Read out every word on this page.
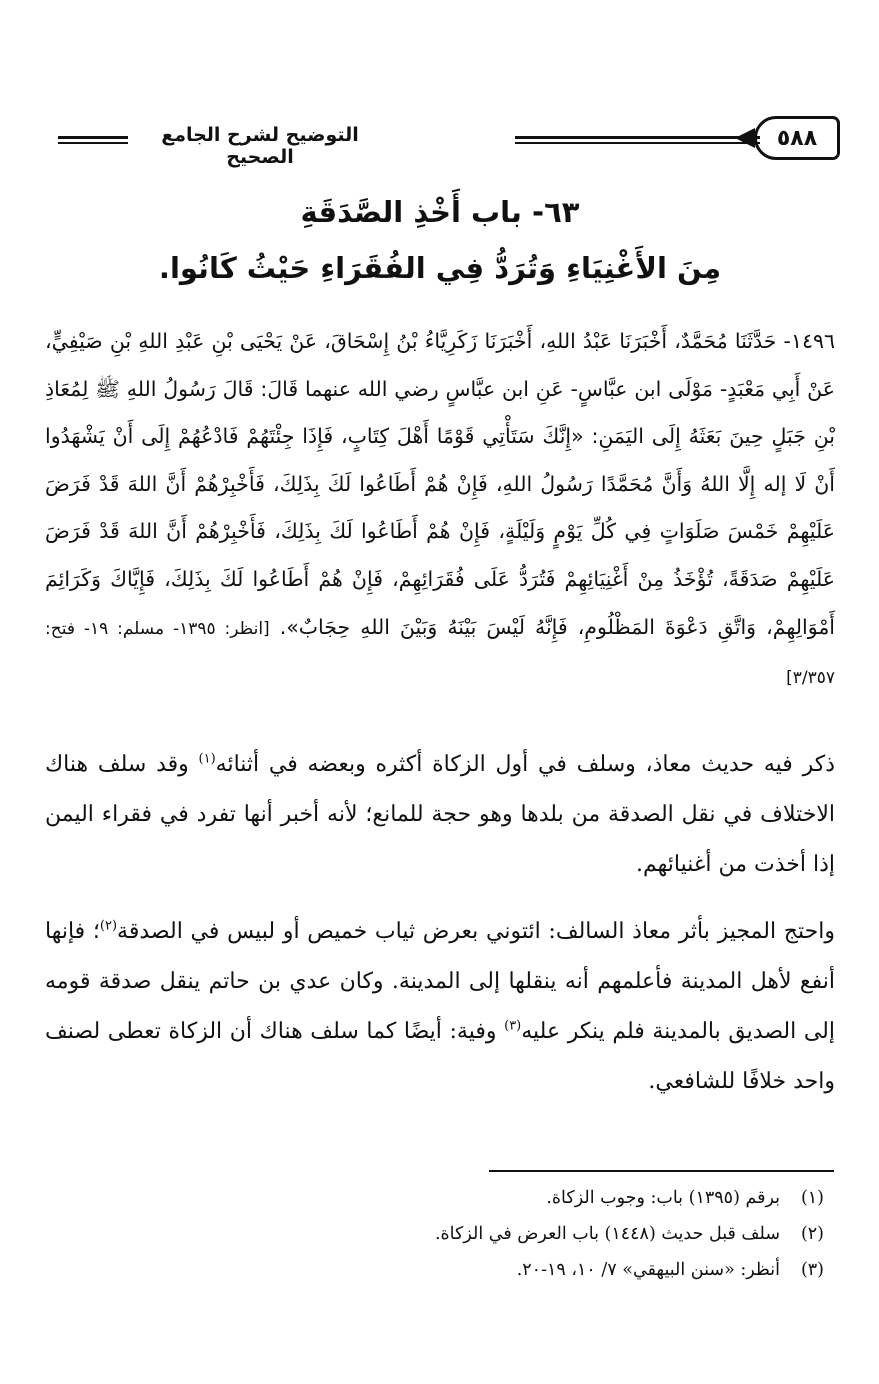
٥٨٨
التوضيح لشرح الجامع الصحيح
٦٣- باب أَخْذِ الصَّدَقَةِ
مِنَ الأَغْنِيَاءِ وَتُرَدُّ فِي الفُقَرَاءِ حَيْثُ كَانُوا.
١٤٩٦- حَدَّثَنَا مُحَمَّدٌ، أَخْبَرَنَا عَبْدُ اللهِ، أَخْبَرَنَا زَكَرِيَّاءُ بْنُ إِسْحَاقَ، عَنْ يَحْيَى بْنِ عَبْدِ اللهِ بْنِ صَيْفِيٍّ، عَنْ أَبِي مَعْبَدٍ- مَوْلَى ابن عبَّاسٍ- عَنِ ابن عبَّاسٍ رضي الله عنهما قَالَ: قَالَ رَسُولُ اللهِ ﷺ لِمُعَاذِ بْنِ جَبَلٍ حِينَ بَعَثَهُ إِلَى اليَمَنِ: «إِنَّكَ سَتَأْتِي قَوْمًا أَهْلَ كِتَابٍ، فَإِذَا جِئْتَهُمْ فَادْعُهُمْ إِلَى أَنْ يَشْهَدُوا أَنْ لَا إله إِلَّا اللهُ وَأَنَّ مُحَمَّدًا رَسُولُ اللهِ، فَإِنْ هُمْ أَطَاعُوا لَكَ بِذَلِكَ، فَأَخْبِرْهُمْ أَنَّ اللهَ قَدْ فَرَضَ عَلَيْهِمْ خَمْسَ صَلَوَاتٍ فِي كُلِّ يَوْمٍ وَلَيْلَةٍ، فَإِنْ هُمْ أَطَاعُوا لَكَ بِذَلِكَ، فَأَخْبِرْهُمْ أَنَّ اللهَ قَدْ فَرَضَ عَلَيْهِمْ صَدَقَةً، تُؤْخَذُ مِنْ أَغْنِيَائِهِمْ فَتُرَدُّ عَلَى فُقَرَائِهِمْ، فَإِنْ هُمْ أَطَاعُوا لَكَ بِذَلِكَ، فَإِيَّاكَ وَكَرَائِمَ أَمْوَالِهِمْ، وَاتَّقِ دَعْوَةَ المَظْلُومِ، فَإِنَّهُ لَيْسَ بَيْنَهُ وَبَيْنَ اللهِ حِجَابٌ». [انظر: ١٣٩٥- مسلم: ١٩- فتح: ٣/٣٥٧]
ذكر فيه حديث معاذ، وسلف في أول الزكاة أكثره وبعضه في أثنائه$^{(١)}$ وقد سلف هناك الاختلاف في نقل الصدقة من بلدها وهو حجة للمانع؛ لأنه أخبر أنها تفرد في فقراء اليمن إذا أخذت من أغنيائهم.
واحتج المجيز بأثر معاذ السالف: ائتوني بعرض ثياب خميص أو لبيس في الصدقة$^{(٢)}$؛ فإنها أنفع لأهل المدينة فأعلمهم أنه ينقلها إلى المدينة. وكان عدي بن حاتم ينقل صدقة قومه إلى الصديق بالمدينة فلم ينكر عليه$^{(٣)}$ وفية: أيضًا كما سلف هناك أن الزكاة تعطى لصنف واحد خلافًا للشافعي.
(١)
برقم (١٣٩٥) باب: وجوب الزكاة.
(٢)
سلف قبل حديث (١٤٤٨) باب العرض في الزكاة.
(٣)
أنظر: «سنن البيهقي» ٧/ ١٠، ١٩-٢٠.
